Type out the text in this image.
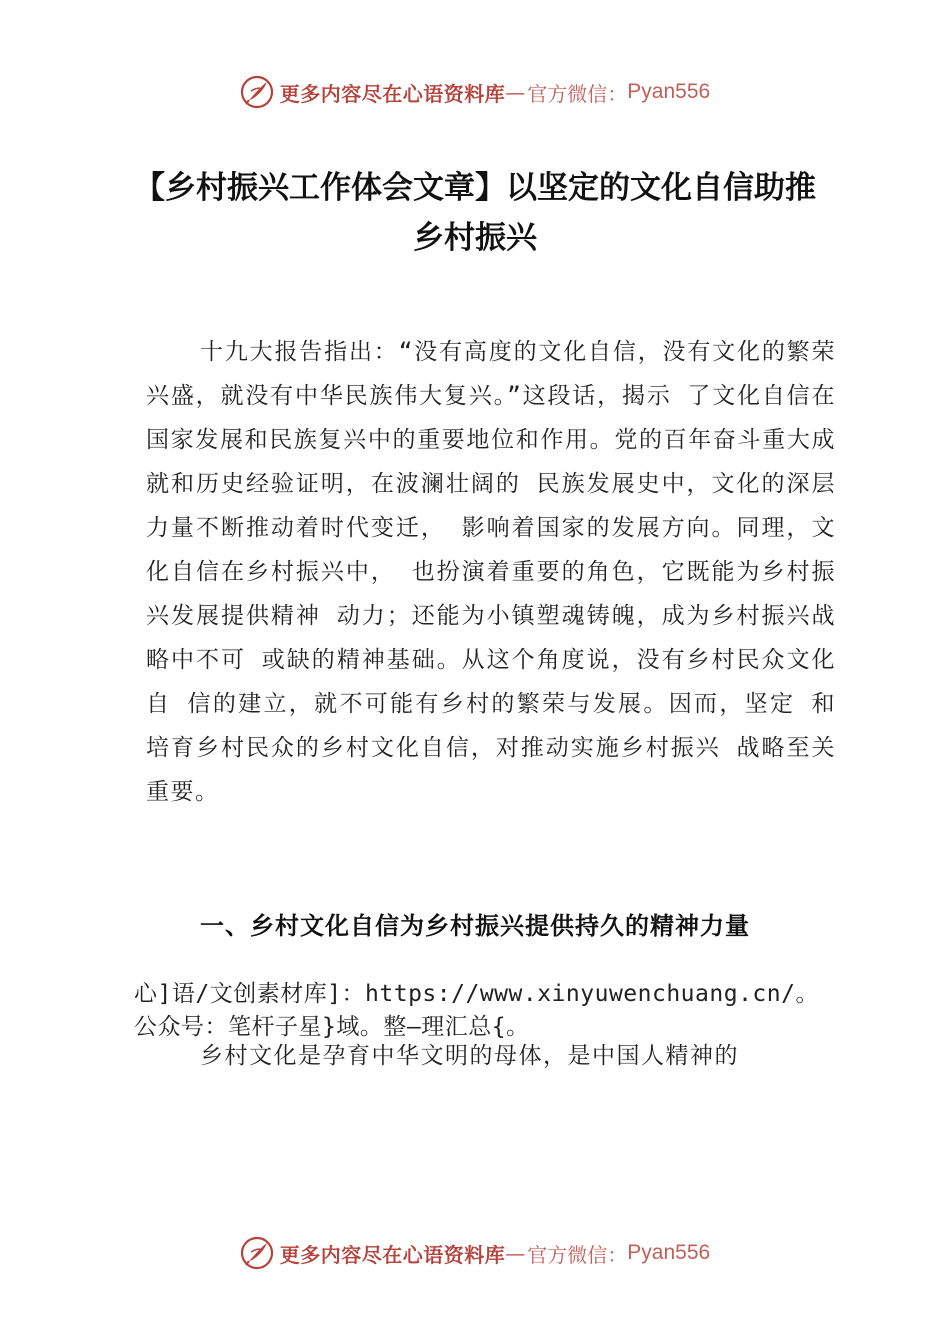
更多内容尽在心语资料库 — 官方微信： Pyan556
【乡村振兴工作体会文章】以坚定的文化自信助推乡村振兴
十九大报告指出：“没有高度的文化自信，没有文化的繁荣兴盛，就没有中华民族伟大复兴。”这段话，揭示 了文化自信在国家发展和民族复兴中的重要地位和作用。党的百年奋斗重大成就和历史经验证明，在波澜壮阔的 民族发展史中，文化的深层力量不断推动着时代变迁， 影响着国家的发展方向。同理，文化自信在乡村振兴中， 也扮演着重要的角色，它既能为乡村振兴发展提供精神 动力；还能为小镇塑魂铸魄，成为乡村振兴战略中不可 或缺的精神基础。从这个角度说，没有乡村民众文化自 信的建立，就不可能有乡村的繁荣与发展。因而，坚定 和培育乡村民众的乡村文化自信，对推动实施乡村振兴 战略至关重要。
一、乡村文化自信为乡村振兴提供持久的精神力量
心]语/文创素材库]：https://www.xinyuwenchuang.cn/。
公众号：笔杆子星}域。整—理汇总{。
乡村文化是孕育中华文明的母体，是中国人精神的
更多内容尽在心语资料库 — 官方微信： Pyan556
